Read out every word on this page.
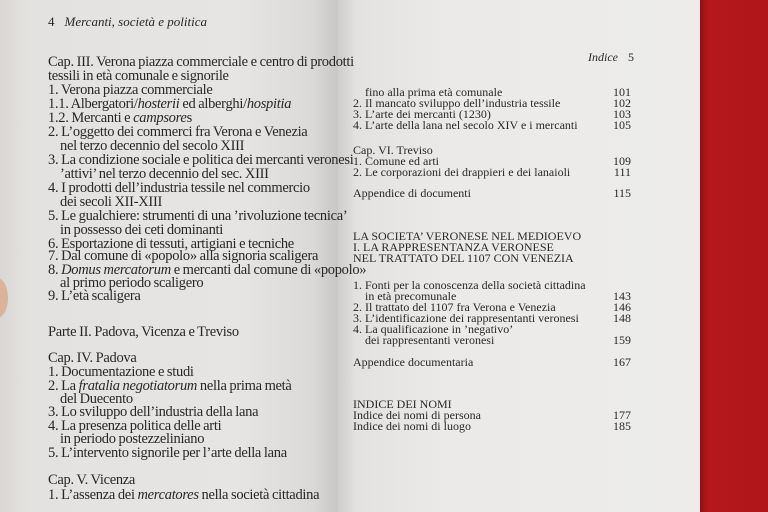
4 Mercanti, società e politica
Cap. III. Verona piazza commerciale e centro di prodotti
tessili in età comunale e signorile
1. Verona piazza commerciale
1.1. Albergatori/hosterii ed alberghi/hospitia
1.2. Mercanti e campsores
2. L’oggetto dei commerci fra Verona e Venezia
nel terzo decennio del secolo XIII
3. La condizione sociale e politica dei mercanti veronesi
’attivi’ nel terzo decennio del sec. XIII
4. I prodotti dell’industria tessile nel commercio
dei secoli XII-XIII
5. Le gualchiere: strumenti di una ’rivoluzione tecnica’
in possesso dei ceti dominanti
6. Esportazione di tessuti, artigiani e tecniche
7. Dal comune di «popolo» alla signoria scaligera
8. Domus mercatorum e mercanti dal comune di «popolo»
al primo periodo scaligero
9. L’età scaligera
Parte II. Padova, Vicenza e Treviso
Cap. IV. Padova
1. Documentazione e studi
2. La fratalia negotiatorum nella prima metà
del Duecento
3. Lo sviluppo dell’industria della lana
4. La presenza politica delle arti
in periodo postezzeliniano
5. L’intervento signorile per l’arte della lana
Cap. V. Vicenza
1. L’assenza dei mercatores nella società cittadina
Indice 5
fino alla prima età comunale	101
2. Il mancato sviluppo dell’industria tessile	102
3. L’arte dei mercanti (1230)	103
4. L’arte della lana nel secolo XIV e i mercanti	105
Cap. VI. Treviso
1. Comune ed arti	109
2. Le corporazioni dei drappieri e dei lanaioli	111
Appendice di documenti	115
LA SOCIETA’ VERONESE NEL MEDIOEVO
I. LA RAPPRESENTANZA VERONESE
NEL TRATTATO DEL 1107 CON VENEZIA
1. Fonti per la conoscenza della società cittadina
in età precomunale	143
2. Il trattato del 1107 fra Verona e Venezia	146
3. L’identificazione dei rappresentanti veronesi	148
4. La qualificazione in ’negativo’
dei rappresentanti veronesi	159
Appendice documentaria	167
INDICE DEI NOMI
Indice dei nomi di persona	177
Indice dei nomi di luogo	185
